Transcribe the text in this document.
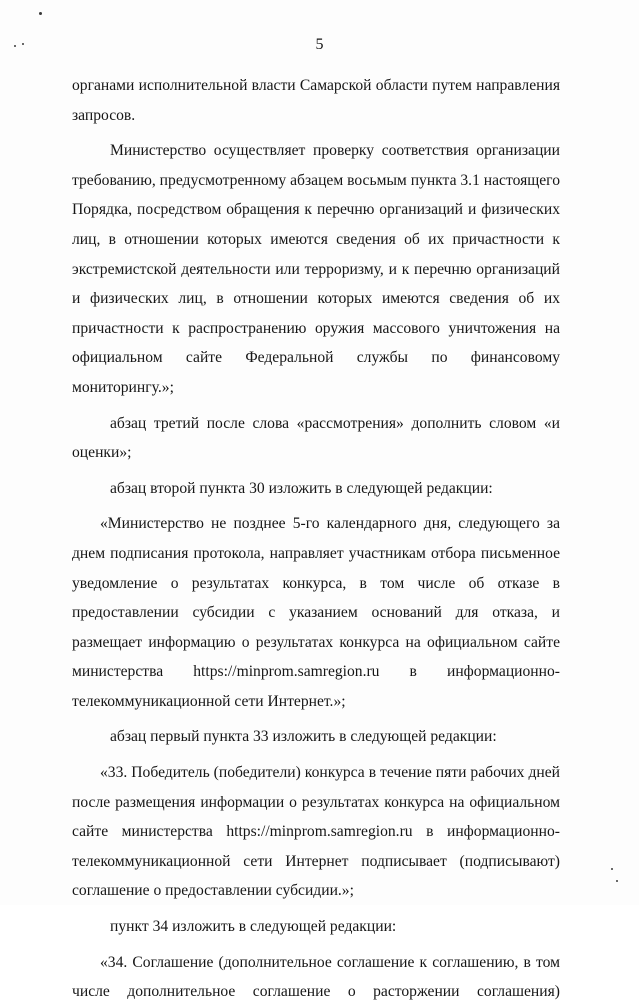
5

органами исполнительной власти Самарской области путем направления запросов.

Министерство осуществляет проверку соответствия организации требованию, предусмотренному абзацем восьмым пункта 3.1 настоящего Порядка, посредством обращения к перечню организаций и физических лиц, в отношении которых имеются сведения об их причастности к экстремистской деятельности или терроризму, и к перечню организаций и физических лиц, в отношении которых имеются сведения об их причастности к распространению оружия массового уничтожения на официальном сайте Федеральной службы по финансовому мониторингу.»;

абзац третий после слова «рассмотрения» дополнить словом «и оценки»;

абзац второй пункта 30 изложить в следующей редакции:

«Министерство не позднее 5-го календарного дня, следующего за днем подписания протокола, направляет участникам отбора письменное уведомление о результатах конкурса, в том числе об отказе в предоставлении субсидии с указанием оснований для отказа, и размещает информацию о результатах конкурса на официальном сайте министерства https://minprom.samregion.ru в информационно-телекоммуникационной сети Интернет.»;

абзац первый пункта 33 изложить в следующей редакции:

«33. Победитель (победители) конкурса в течение пяти рабочих дней после размещения информации о результатах конкурса на официальном сайте министерства https://minprom.samregion.ru в информационно-телекоммуникационной сети Интернет подписывает (подписывают) соглашение о предоставлении субсидии.»;

пункт 34 изложить в следующей редакции:

«34. Соглашение (дополнительное соглашение к соглашению, в том числе дополнительное соглашение о расторжении соглашения)
